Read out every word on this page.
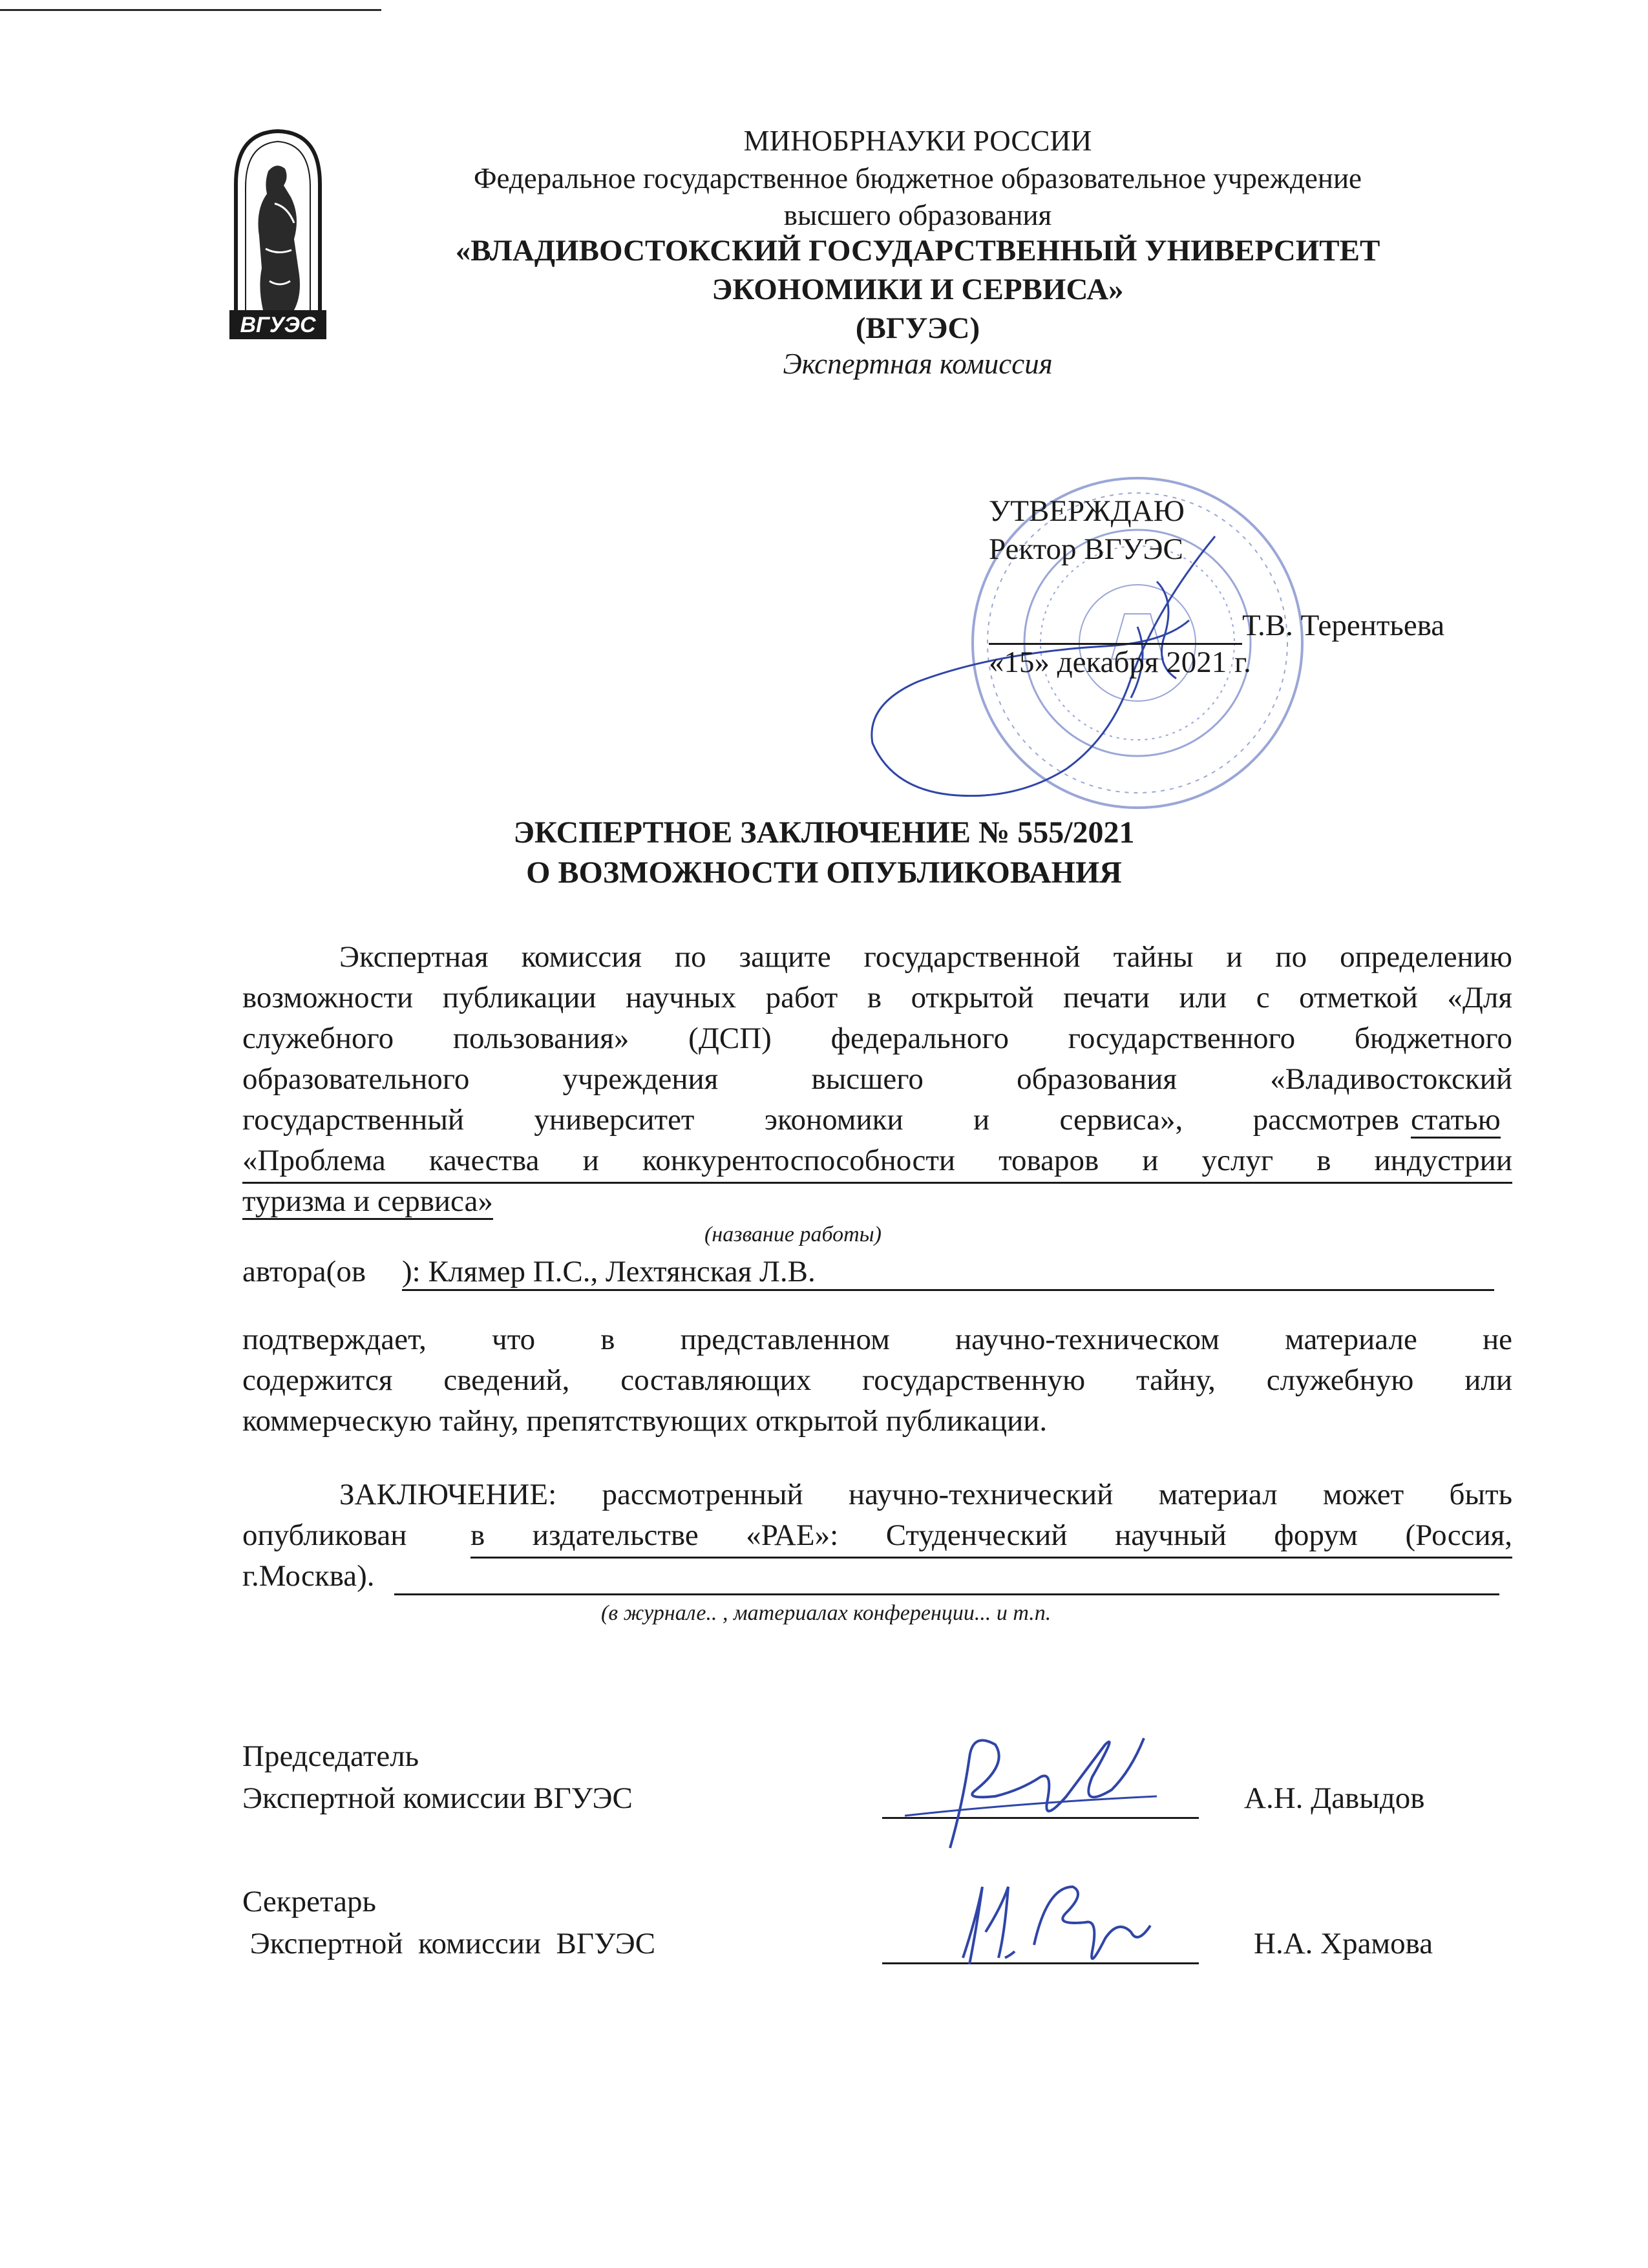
ВГУЭС
МИНОБРНАУКИ РОССИИ
Федеральное государственное бюджетное образовательное учреждение
высшего образования
«ВЛАДИВОСТОКСКИЙ ГОСУДАРСТВЕННЫЙ УНИВЕРСИТЕТ
ЭКОНОМИКИ И СЕРВИСА»
(ВГУЭС)
Экспертная комиссия
УТВЕРЖДАЮ
Ректор ВГУЭС
Т.В. Терентьева
«15» декабря 2021 г.
ЭКСПЕРТНОЕ ЗАКЛЮЧЕНИЕ № 555/2021
О ВОЗМОЖНОСТИ ОПУБЛИКОВАНИЯ
Экспертная комиссия по защите государственной тайны и по определению
возможности публикации научных работ в открытой печати или с отметкой «Для
служебного пользования» (ДСП) федерального государственного бюджетного
образовательного учреждения высшего образования «Владивостокский
государственный университет экономики и сервиса», рассмотрев статью
«Проблема качества и конкурентоспособности товаров и услуг в индустрии
туризма и сервиса»
(название работы)
автора(ов ): Клямер П.С., Лехтянская Л.В.
подтверждает, что в представленном научно-техническом материале не
содержится сведений, составляющих государственную тайну, служебную или
коммерческую тайну, препятствующих открытой публикации.
ЗАКЛЮЧЕНИЕ: рассмотренный научно-технический материал может быть
опубликован в издательстве «РАЕ»: Студенческий научный форум (Россия,
г.Москва).
(в журнале.. , материалах конференции... и т.п.
Председатель
Экспертной комиссии ВГУЭС	А.Н. Давыдов
Секретарь
Экспертной  комиссии  ВГУЭС	Н.А. Храмова
